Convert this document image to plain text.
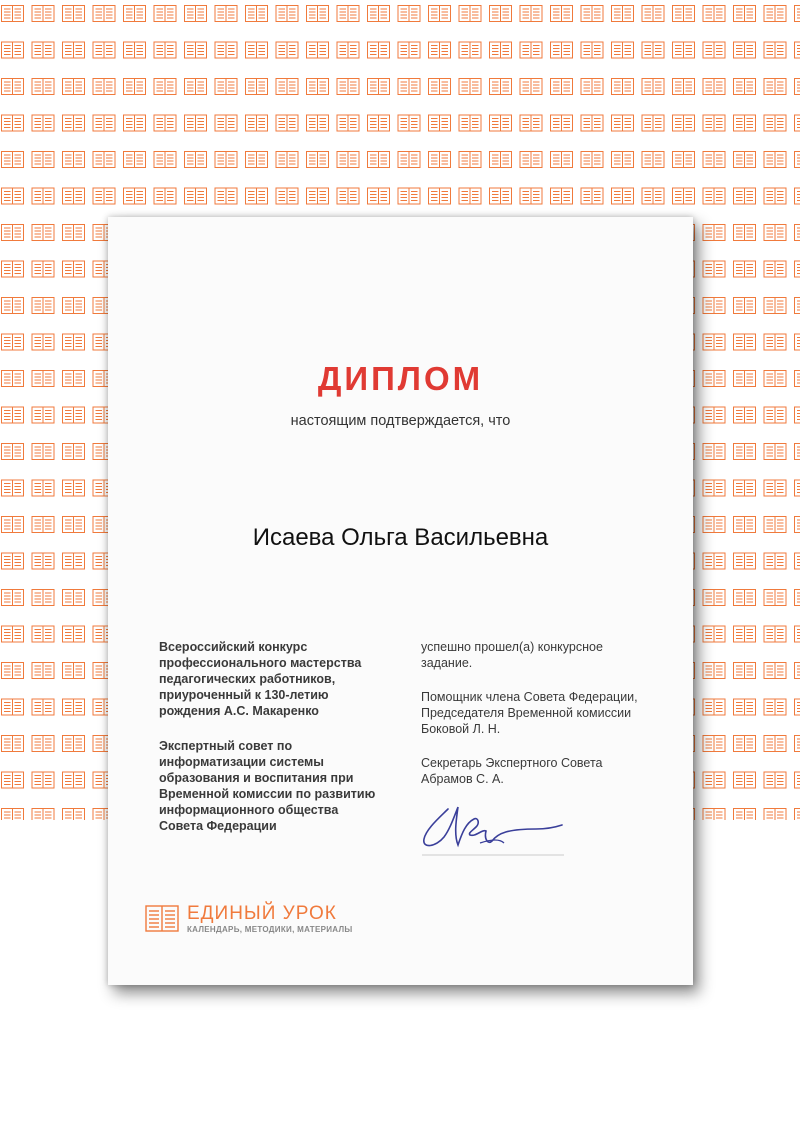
ДИПЛОМ
настоящим подтверждается, что
Исаева Ольга Васильевна

Всероссийский конкурс
профессионального мастерства
педагогических работников,
приуроченный к 130-летию
рождения А.С. Макаренко

Экспертный совет по
информатизации системы
образования и воспитания при
Временной комиссии по развитию
информационного общества
Совета Федерации

успешно прошел(а) конкурсное
задание.

Помощник члена Совета Федерации,
Председателя Временной комиссии
Боковой Л. Н.

Секретарь Экспертного Совета
Абрамов С. А.

ЕДИНЫЙ УРОК
КАЛЕНДАРЬ, МЕТОДИКИ, МАТЕРИАЛЫ
